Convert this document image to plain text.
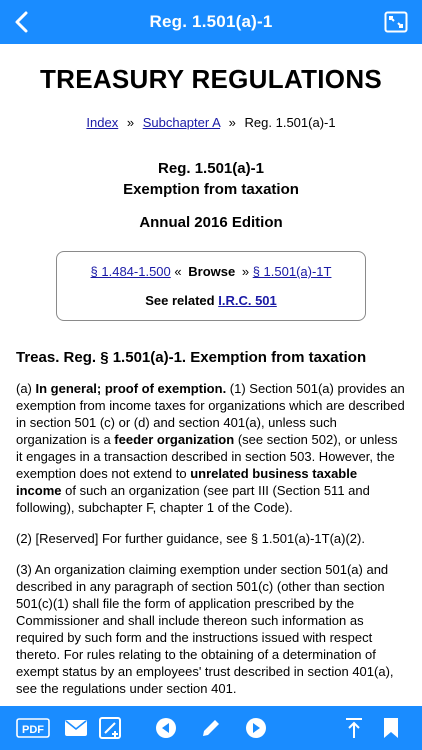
Reg. 1.501(a)-1
TREASURY REGULATIONS
Index » Subchapter A » Reg. 1.501(a)-1
Reg. 1.501(a)-1
Exemption from taxation
Annual 2016 Edition
§ 1.484-1.500 « Browse » § 1.501(a)-1T
See related I.R.C. 501
Treas. Reg. § 1.501(a)-1. Exemption from taxation
(a) In general; proof of exemption. (1) Section 501(a) provides an exemption from income taxes for organizations which are described in section 501 (c) or (d) and section 401(a), unless such organization is a feeder organization (see section 502), or unless it engages in a transaction described in section 503. However, the exemption does not extend to unrelated business taxable income of such an organization (see part III (Section 511 and following), subchapter F, chapter 1 of the Code).
(2) [Reserved] For further guidance, see § 1.501(a)-1T(a)(2).
(3) An organization claiming exemption under section 501(a) and described in any paragraph of section 501(c) (other than section 501(c)(1) shall file the form of application prescribed by the Commissioner and shall include thereon such information as required by such form and the instructions issued with respect thereto. For rules relating to the obtaining of a determination of exempt status by an employees' trust described in section 401(a), see the regulations under section 401.
PDF
